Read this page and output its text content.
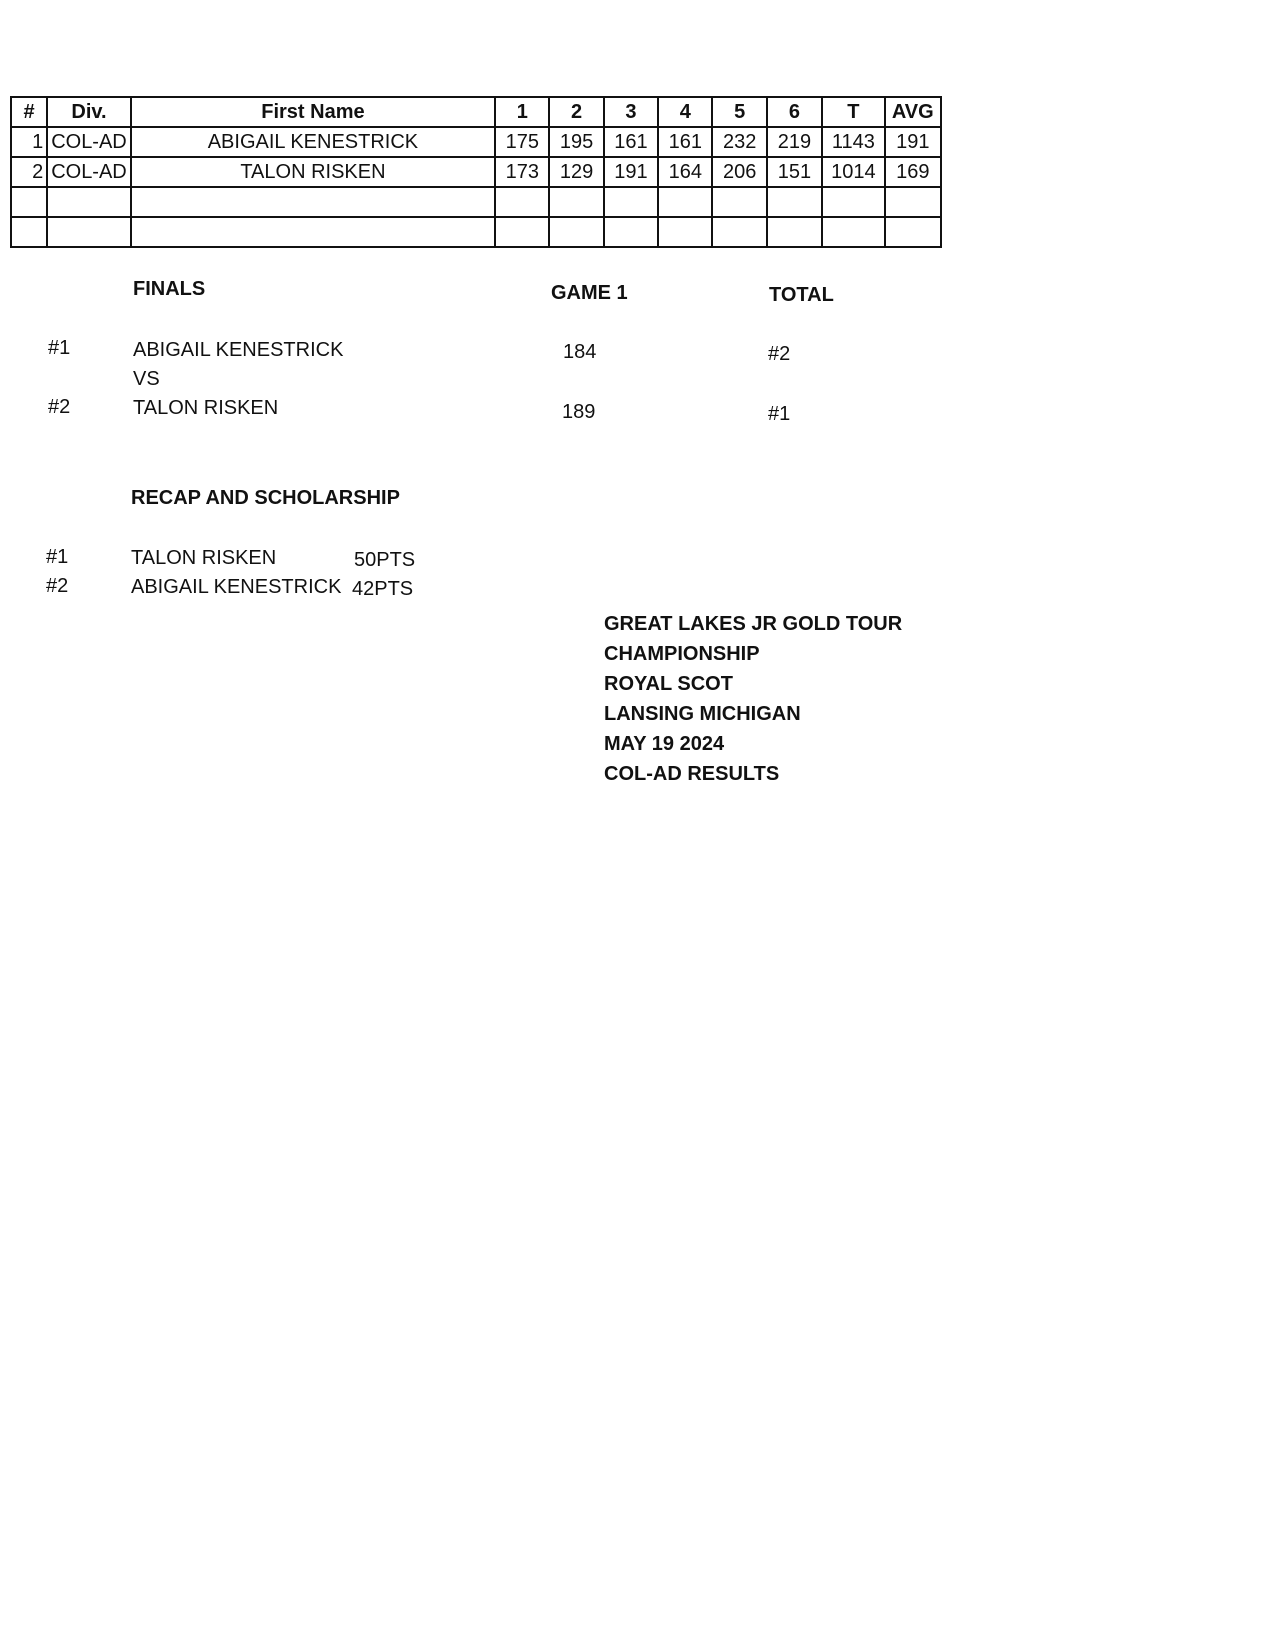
#	Div.	First Name	1	2	3	4	5	6	T	AVG
1	COL-AD	ABIGAIL KENESTRICK	175	195	161	161	232	219	1143	191
2	COL-AD	TALON RISKEN	173	129	191	164	206	151	1014	169

FINALS	GAME 1	TOTAL
#1	ABIGAIL KENESTRICK	184	#2
VS
#2	TALON RISKEN	189	#1
RECAP AND SCHOLARSHIP
#1	TALON RISKEN	50PTS
#2	ABIGAIL KENESTRICK 42PTS
GREAT LAKES JR GOLD TOUR
CHAMPIONSHIP
ROYAL SCOT
LANSING MICHIGAN
MAY 19 2024
COL-AD RESULTS
